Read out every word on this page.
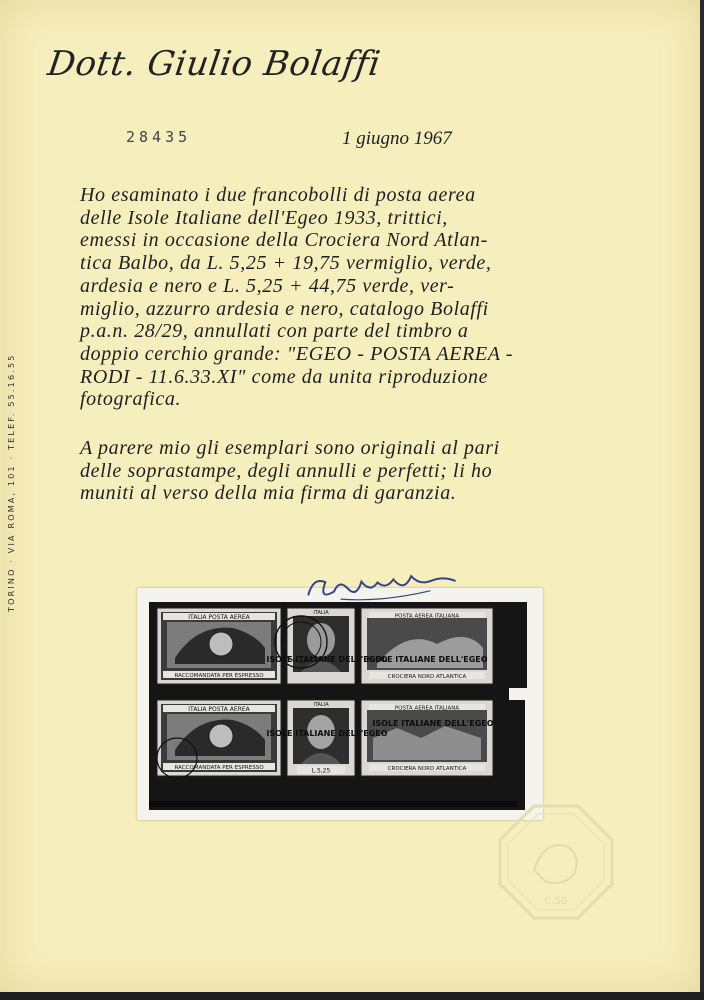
Dott. Giulio Bolaffi
28435	1 giugno 1967
Ho esaminato i due francobolli di posta aerea
delle Isole Italiane dell'Egeo 1933, trittici,
emessi in occasione della Crociera Nord Atlan-
tica Balbo, da L. 5,25 + 19,75 vermiglio, verde,
ardesia e nero e L. 5,25 + 44,75 verde, ver-
miglio, azzurro ardesia e nero, catalogo Bolaffi
p.a.n. 28/29, annullati con parte del timbro a
doppio cerchio grande: "EGEO - POSTA AEREA -
RODI - 11.6.33.XI" come da unita riproduzione
fotografica.
A parere mio gli esemplari sono originali al pari
delle soprastampe, degli annulli e perfetti; li ho
muniti al verso della mia firma di garanzia.
TORINO · VIA ROMA, 101 · TELEF. 55.16.55
ITALIA POSTA AEREA
RACCOMANDATA PER ESPRESSO
ITALIA
POSTA AEREA ITALIANA
CROCIERA NORD ATLANTICA
ISOLE ITALIANE DELL'EGEO
ISOLE ITALIANE DELL'EGEO
ITALIA POSTA AEREA
RACCOMANDATA PER ESPRESSO
ITALIA
L.5,25
POSTA AEREA ITALIANA
CROCIERA NORD ATLANTICA
ISOLE ITALIANE DELL'EGEO
ISOLE ITALIANE DELL'EGEO
C.50
